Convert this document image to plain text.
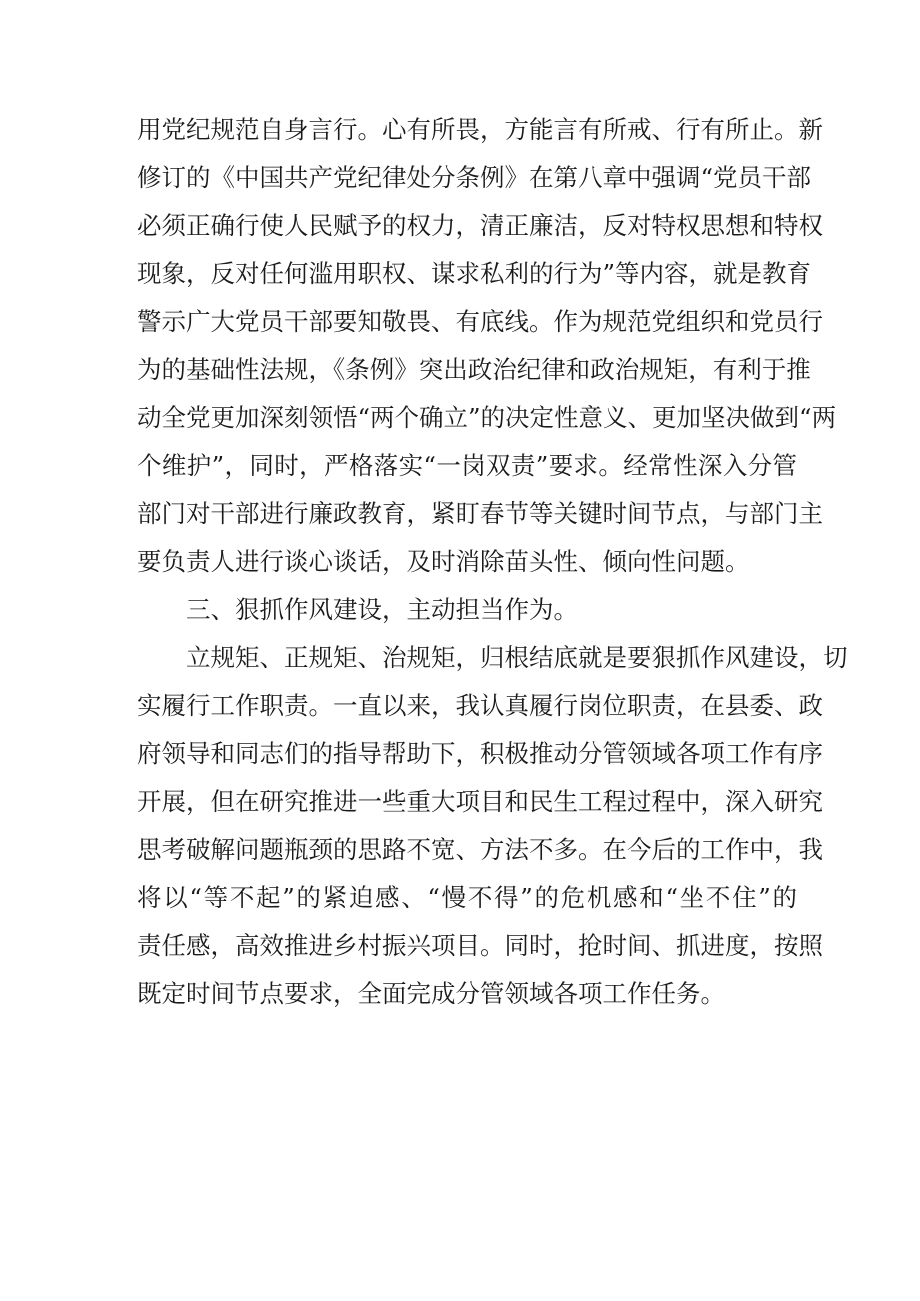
用党纪规范自身言行。心有所畏，方能言有所戒、行有所止。新
修订的《中国共产党纪律处分条例》在第八章中强调“党员干部
必须正确行使人民赋予的权力，清正廉洁，反对特权思想和特权
现象，反对任何滥用职权、谋求私利的行为”等内容，就是教育
警示广大党员干部要知敬畏、有底线。作为规范党组织和党员行
为的基础性法规，《条例》突出政治纪律和政治规矩，有利于推
动全党更加深刻领悟“两个确立”的决定性意义、更加坚决做到“两
个维护”，同时，严格落实“一岗双责”要求。经常性深入分管
部门对干部进行廉政教育，紧盯春节等关键时间节点，与部门主
要负责人进行谈心谈话，及时消除苗头性、倾向性问题。
三、狠抓作风建设，主动担当作为。
立规矩、正规矩、治规矩，归根结底就是要狠抓作风建设，切
实履行工作职责。一直以来，我认真履行岗位职责，在县委、政
府领导和同志们的指导帮助下，积极推动分管领域各项工作有序
开展，但在研究推进一些重大项目和民生工程过程中，深入研究
思考破解问题瓶颈的思路不宽、方法不多。在今后的工作中，我
将以“等不起”的紧迫感、“慢不得”的危机感和“坐不住”的
责任感，高效推进乡村振兴项目。同时，抢时间、抓进度，按照
既定时间节点要求，全面完成分管领域各项工作任务。
